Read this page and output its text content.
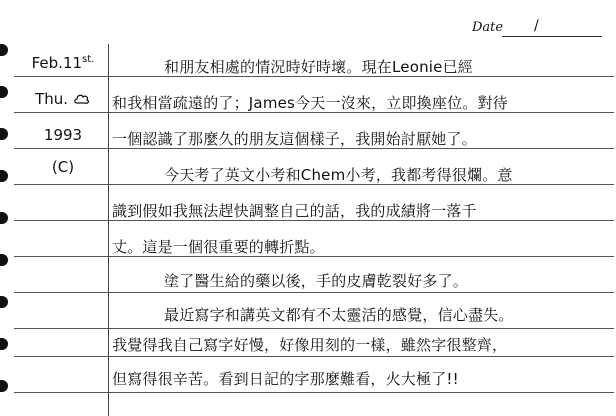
Date /
$Feb.11^{st.}$
Thu.
1993
(C)
和朋友相處的情況時好時壞。現在Leonie已經
和我相當疏遠的了；James今天一沒來，立即換座位。對待
一個認識了那麼久的朋友這個樣子，我開始討厭她了。
今天考了英文小考和Chem小考，我都考得很爛。意
識到假如我無法趕快調整自己的話，我的成績將一落千
丈。這是一個很重要的轉折點。
塗了醫生給的藥以後，手的皮膚乾裂好多了。
最近寫字和講英文都有不太靈活的感覺，信心盡失。
我覺得我自己寫字好慢，好像用刻的一樣，雖然字很整齊，
但寫得很辛苦。看到日記的字那麼難看，火大極了!!
